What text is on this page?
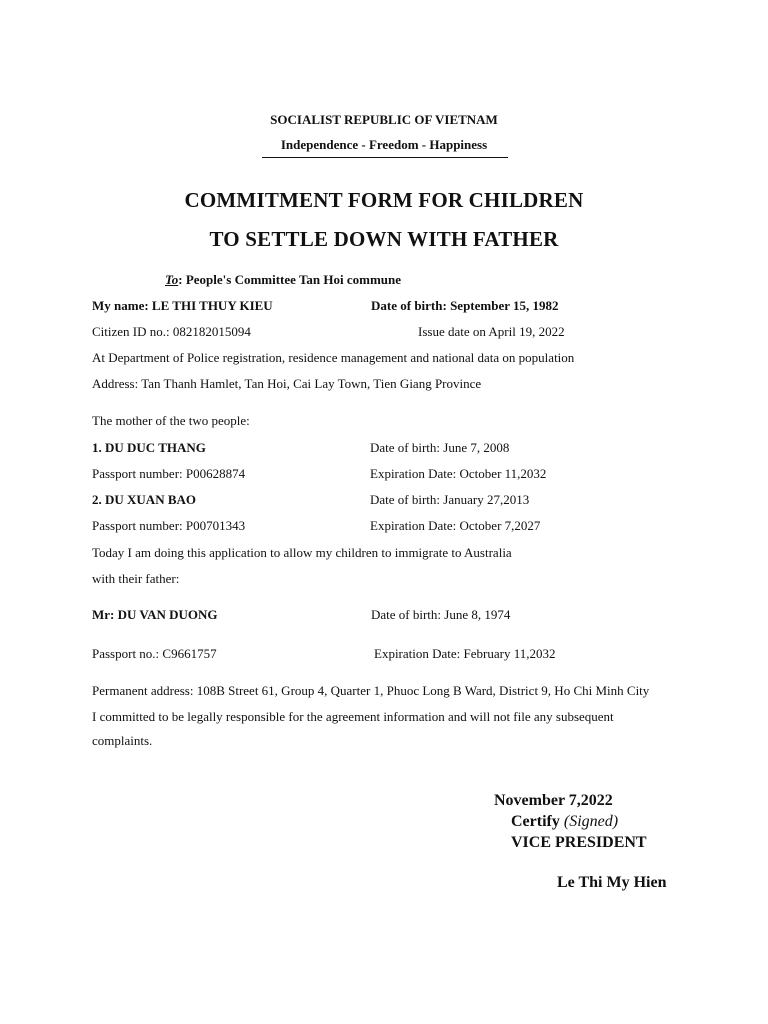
SOCIALIST REPUBLIC OF VIETNAM
Independence - Freedom - Happiness
COMMITMENT FORM FOR CHILDREN
TO SETTLE DOWN WITH FATHER
To: People's Committee Tan Hoi commune
My name: LE THI THUY KIEU	Date of birth: September 15, 1982
Citizen ID no.: 082182015094	Issue date on April 19, 2022
At Department of Police registration, residence management and national data on population
Address: Tan Thanh Hamlet, Tan Hoi, Cai Lay Town, Tien Giang Province
The mother of the two people:
1. DU DUC THANG	Date of birth: June 7, 2008
Passport number: P00628874	Expiration Date: October 11,2032
2. DU XUAN BAO	Date of birth: January 27,2013
Passport number: P00701343	Expiration Date: October 7,2027
Today I am doing this application to allow my children to immigrate to Australia
with their father:
Mr: DU VAN DUONG	Date of birth: June 8, 1974
Passport no.: C9661757	Expiration Date: February 11,2032
Permanent address: 108B Street 61, Group 4, Quarter 1, Phuoc Long B Ward, District 9, Ho Chi Minh City
I committed to be legally responsible for the agreement information and will not file any subsequent
complaints.
November 7,2022
Certify (Signed)
VICE PRESIDENT
Le Thi My Hien
